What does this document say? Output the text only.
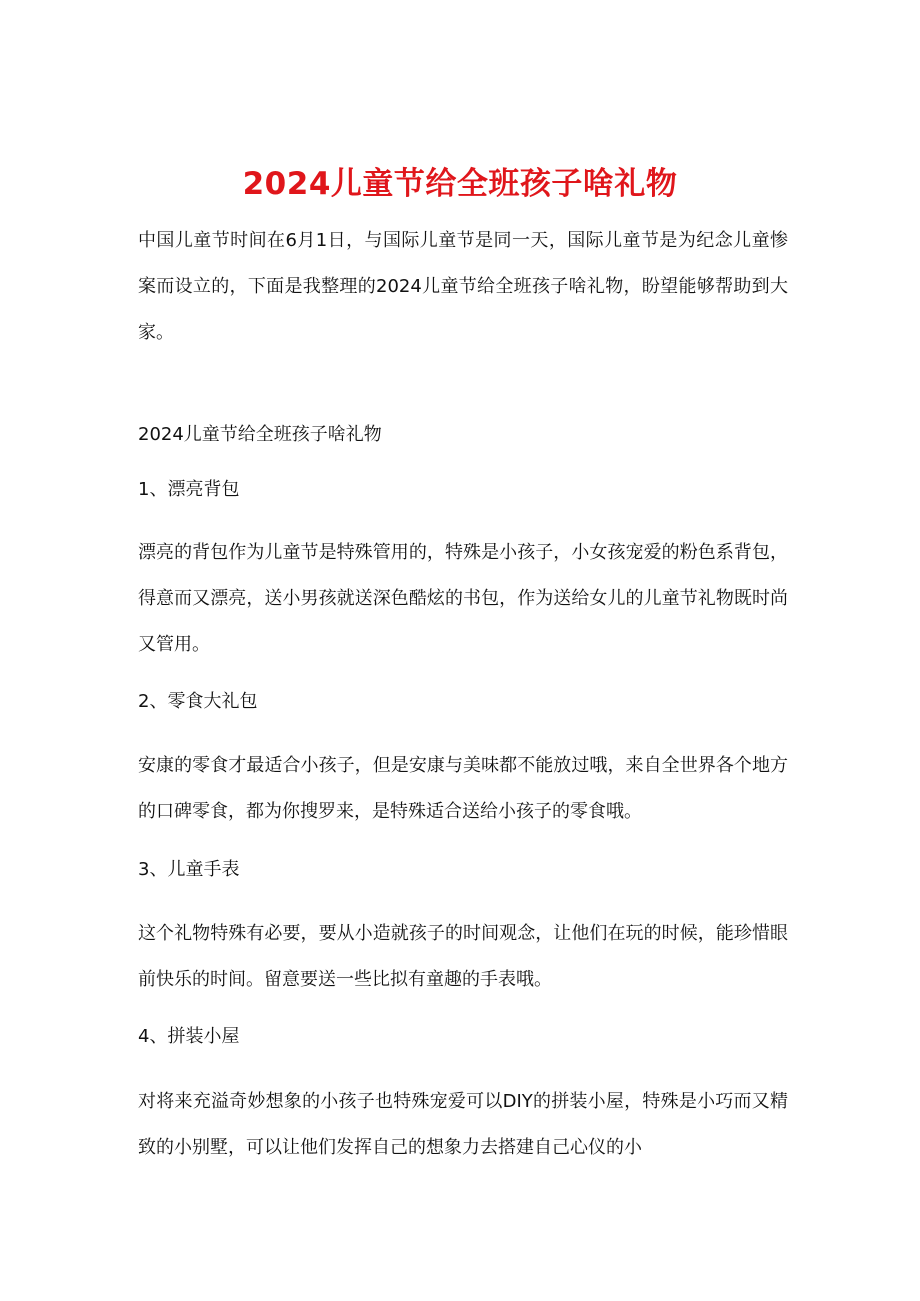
2024儿童节给全班孩子啥礼物

中国儿童节时间在6月1日，与国际儿童节是同一天，国际儿童节是为纪念儿童惨案而设立的，下面是我整理的2024儿童节给全班孩子啥礼物，盼望能够帮助到大家。

2024儿童节给全班孩子啥礼物

1、漂亮背包

漂亮的背包作为儿童节是特殊管用的，特殊是小孩子，小女孩宠爱的粉色系背包，得意而又漂亮，送小男孩就送深色酷炫的书包，作为送给女儿的儿童节礼物既时尚又管用。

2、零食大礼包

安康的零食才最适合小孩子，但是安康与美味都不能放过哦，来自全世界各个地方的口碑零食，都为你搜罗来，是特殊适合送给小孩子的零食哦。

3、儿童手表

这个礼物特殊有必要，要从小造就孩子的时间观念，让他们在玩的时候，能珍惜眼前快乐的时间。留意要送一些比拟有童趣的手表哦。

4、拼装小屋

对将来充溢奇妙想象的小孩子也特殊宠爱可以DIY的拼装小屋，特殊是小巧而又精致的小别墅，可以让他们发挥自己的想象力去搭建自己心仪的小
